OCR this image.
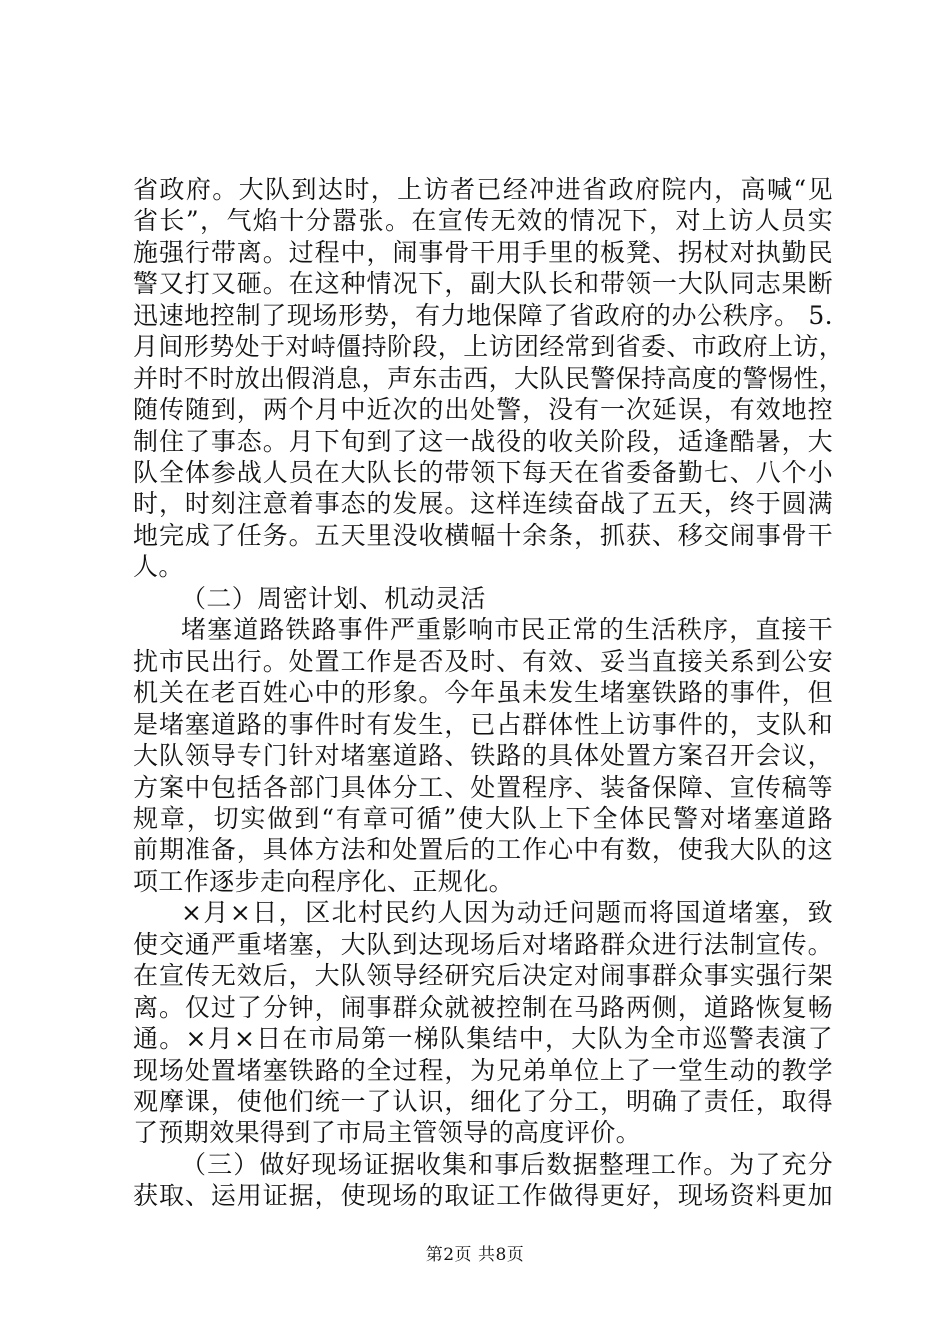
省政府。大队到达时，上访者已经冲进省政府院内，高喊“见
省长”，气焰十分嚣张。在宣传无效的情况下，对上访人员实
施强行带离。过程中，闹事骨干用手里的板凳、拐杖对执勤民
警又打又砸。在这种情况下，副大队长和带领一大队同志果断
迅速地控制了现场形势，有力地保障了省政府的办公秩序。 5.
月间形势处于对峙僵持阶段，上访团经常到省委、市政府上访，
并时不时放出假消息，声东击西，大队民警保持高度的警惕性，
随传随到，两个月中近次的出处警，没有一次延误，有效地控
制住了事态。月下旬到了这一战役的收关阶段，适逢酷暑，大
队全体参战人员在大队长的带领下每天在省委备勤七、八个小
时，时刻注意着事态的发展。这样连续奋战了五天，终于圆满
地完成了任务。五天里没收横幅十余条，抓获、移交闹事骨干
人。
（二）周密计划、机动灵活
堵塞道路铁路事件严重影响市民正常的生活秩序，直接干
扰市民出行。处置工作是否及时、有效、妥当直接关系到公安
机关在老百姓心中的形象。今年虽未发生堵塞铁路的事件，但
是堵塞道路的事件时有发生，已占群体性上访事件的，支队和
大队领导专门针对堵塞道路、铁路的具体处置方案召开会议，
方案中包括各部门具体分工、处置程序、装备保障、宣传稿等
规章，切实做到“有章可循”使大队上下全体民警对堵塞道路
前期准备，具体方法和处置后的工作心中有数，使我大队的这
项工作逐步走向程序化、正规化。
×月×日，区北村民约人因为动迁问题而将国道堵塞，致
使交通严重堵塞，大队到达现场后对堵路群众进行法制宣传。
在宣传无效后，大队领导经研究后决定对闹事群众事实强行架
离。仅过了分钟，闹事群众就被控制在马路两侧，道路恢复畅
通。×月×日在市局第一梯队集结中，大队为全市巡警表演了
现场处置堵塞铁路的全过程，为兄弟单位上了一堂生动的教学
观摩课，使他们统一了认识，细化了分工，明确了责任，取得
了预期效果得到了市局主管领导的高度评价。
（三）做好现场证据收集和事后数据整理工作。为了充分
获取、运用证据，使现场的取证工作做得更好，现场资料更加
第2页 共8页
